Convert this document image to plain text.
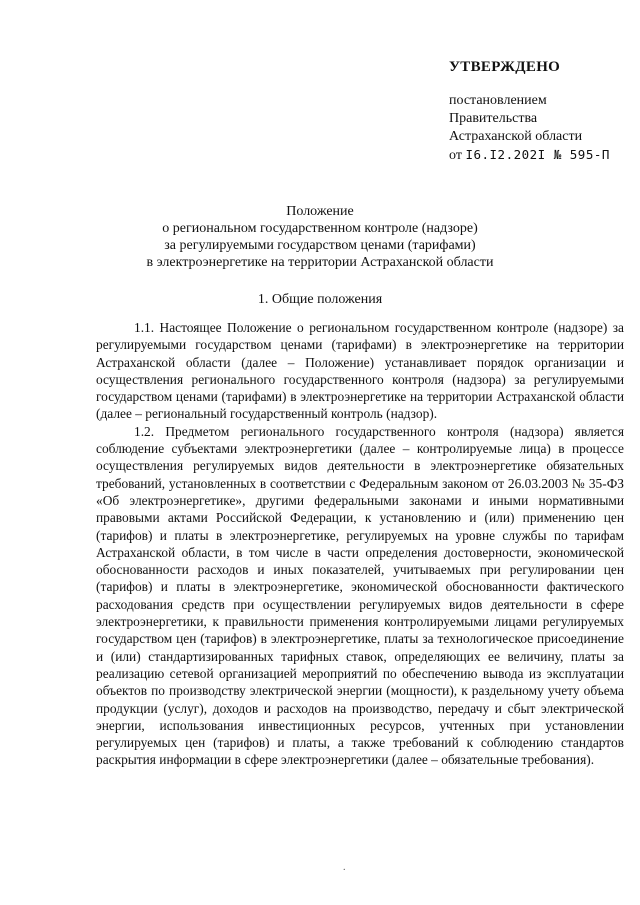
УТВЕРЖДЕНО
постановлением
Правительства
Астраханской области
от I6.I2.202I № 595-П
Положение
о региональном государственном контроле (надзоре)
за регулируемыми государством ценами (тарифами)
в электроэнергетике на территории Астраханской области
1. Общие положения

1.1. Настоящее Положение о региональном государственном контроле (надзоре) за регулируемыми государством ценами (тарифами) в электроэнергетике на территории Астраханской области (далее – Положение) устанавливает порядок организации и осуществления регионального государственного контроля (надзора) за регулируемыми государством ценами (тарифами) в электроэнергетике на территории Астраханской области (далее – региональный государственный контроль (надзор).

1.2. Предметом регионального государственного контроля (надзора) является соблюдение субъектами электроэнергетики (далее – контролируемые лица) в процессе осуществления регулируемых видов деятельности в электроэнергетике обязательных требований, установленных в соответствии с Федеральным законом от 26.03.2003 № 35-ФЗ «Об электроэнергетике», другими федеральными законами и иными нормативными правовыми актами Российской Федерации, к установлению и (или) применению цен (тарифов) и платы в электроэнергетике, регулируемых на уровне службы по тарифам Астраханской области, в том числе в части определения достоверности, экономической обоснованности расходов и иных показателей, учитываемых при регулировании цен (тарифов) и платы в электроэнергетике, экономической обоснованности фактического расходования средств при осуществлении регулируемых видов деятельности в сфере электроэнергетики, к правильности применения контролируемыми лицами регулируемых государством цен (тарифов) в электроэнергетике, платы за технологическое присоединение и (или) стандартизированных тарифных ставок, определяющих ее величину, платы за реализацию сетевой организацией мероприятий по обеспечению вывода из эксплуатации объектов по производству электрической энергии (мощности), к раздельному учету объема продукции (услуг), доходов и расходов на производство, передачу и сбыт электрической энергии, использования инвестиционных ресурсов, учтенных при установлении регулируемых цен (тарифов) и платы, а также требований к соблюдению стандартов раскрытия информации в сфере электроэнергетики (далее – обязательные требования).

.
